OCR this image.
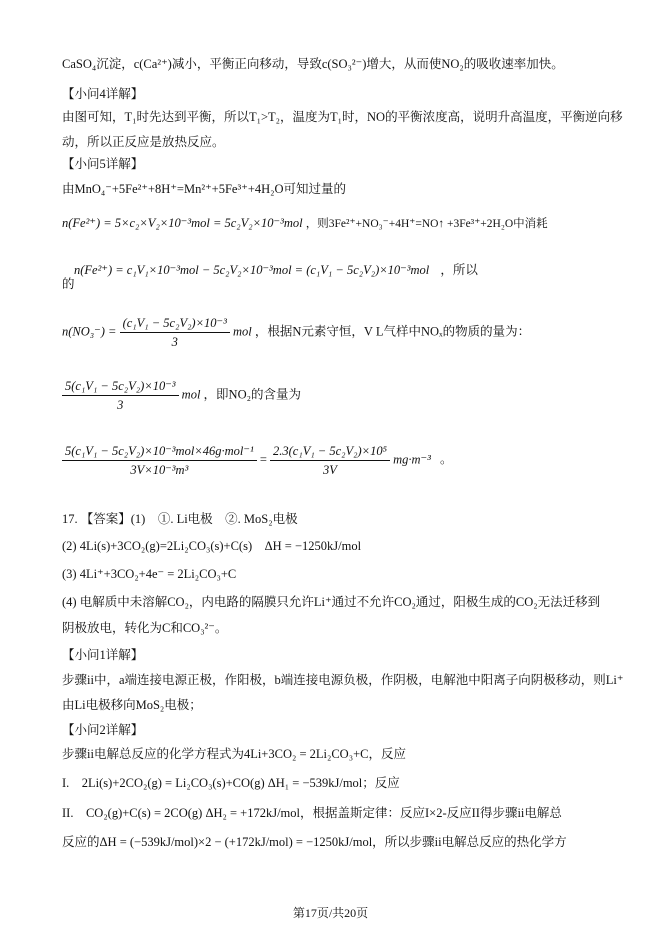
CaSO₄沉淀，c(Ca²⁺)减小，平衡正向移动，导致c(SO₃²⁻)增大，从而使NO₂的吸收速率加快。
【小问4详解】
由图可知，T₁时先达到平衡，所以T₁>T₂，温度为T₁时，NO的平衡浓度高，说明升高温度，平衡逆向移
动，所以正反应是放热反应。
【小问5详解】
由MnO₄⁻+5Fe²⁺+8H⁺=Mn²⁺+5Fe³⁺+4H₂O可知过量的
n(Fe²⁺) = 5×c₂×V₂×10⁻³mol = 5c₂V₂×10⁻³mol ，则3Fe²⁺+NO₃⁻+4H⁺=NO↑ +3Fe³⁺+2H₂O中消耗
n(Fe²⁺) = c₁V₁×10⁻³mol − 5c₂V₂×10⁻³mol = (c₁V₁ − 5c₂V₂)×10⁻³mol ，所以
的
$n(NO_3^-) = \frac{\text{(c₁V₁ − 5c₂V₂)×10⁻³}}{3}$ mol ，根据N元素守恒，V L气样中NOₓ的物质的量为：
$\frac{\text{5(c₁V₁ − 5c₂V₂)×10⁻³}}{3}$ mol ，即NO₂的含量为
$\frac{\text{5(c₁V₁ − 5c₂V₂)×10⁻³mol×46g·mol⁻¹}}{\text{3V×10⁻³m³}} = \frac{\text{2.3(c₁V₁ − 5c₂V₂)×10⁵}}{3V} mg\cdot m^{-3}$ 。
17. 【答案】(1)　①. Li电极　②. MoS₂电极
(2) 4Li(s)+3CO₂(g)=2Li₂CO₃(s)+C(s)　ΔH = −1250kJ/mol
(3) 4Li⁺+3CO₂+4e⁻ = 2Li₂CO₃+C
(4) 电解质中未溶解CO₂，内电路的隔膜只允许Li⁺通过不允许CO₂通过，阳极生成的CO₂无法迁移到
阴极放电，转化为C和CO₃²⁻。
【小问1详解】
步骤ii中，a端连接电源正极，作阳极，b端连接电源负极，作阴极，电解池中阳离子向阴极移动，则Li⁺
由Li电极移向MoS₂电极；
【小问2详解】
步骤ii电解总反应的化学方程式为4Li+3CO₂ = 2Li₂CO₃+C，反应
I.　2Li(s)+2CO₂(g) = Li₂CO₃(s)+CO(g) ΔH₁ = −539kJ/mol；反应
II.　CO₂(g)+C(s) = 2CO(g) ΔH₂ = +172kJ/mol，根据盖斯定律：反应I×2-反应II得步骤ii电解总
反应的ΔH = (−539kJ/mol)×2 − (+172kJ/mol) = −1250kJ/mol，所以步骤ii电解总反应的热化学方
第17页/共20页
